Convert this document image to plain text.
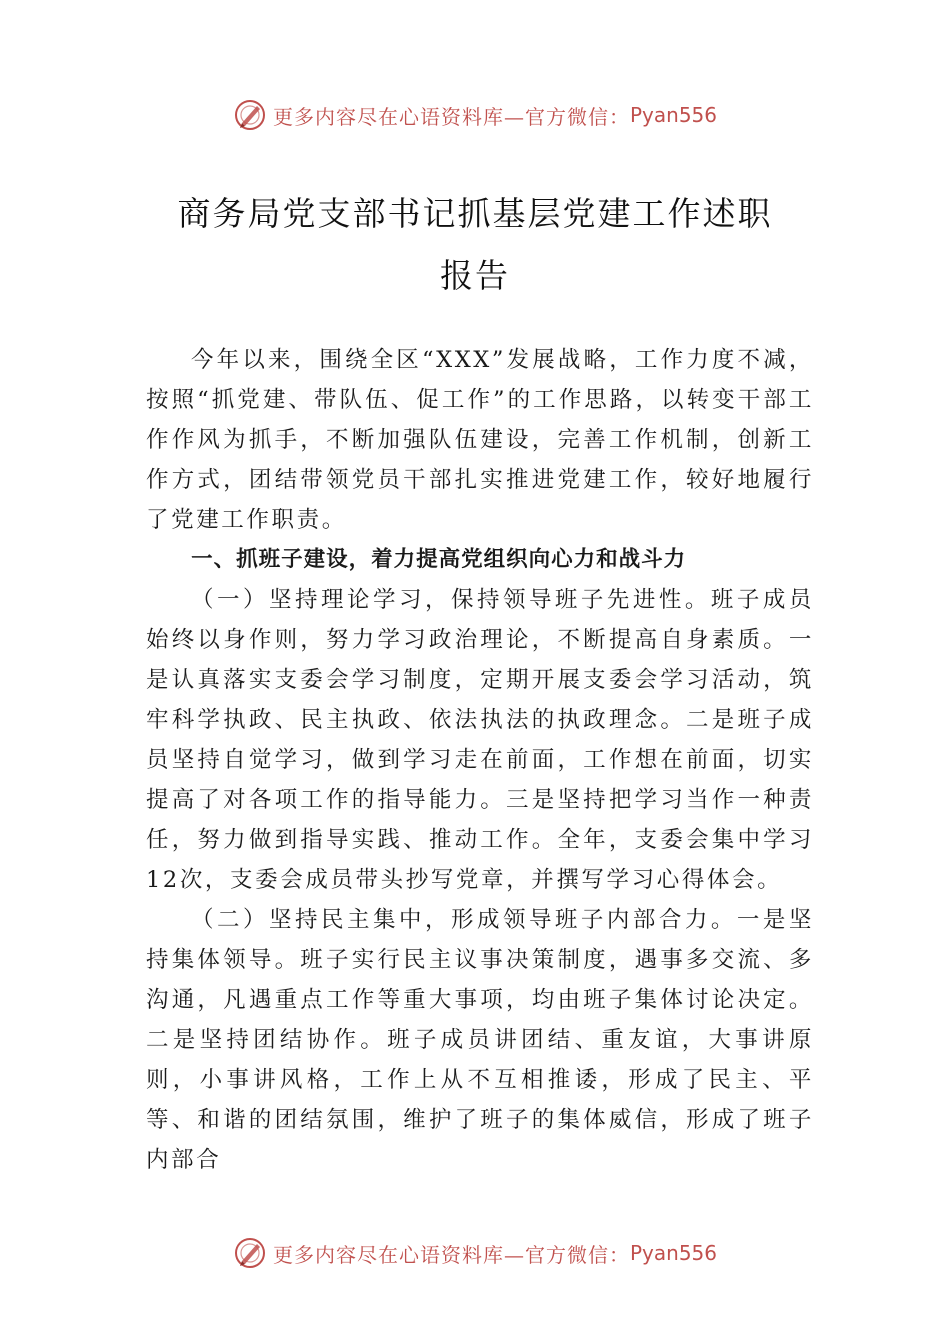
更多内容尽在心语资料库—官方微信： Pyan556
商务局党支部书记抓基层党建工作述职
报告

今年以来，围绕全区“XXX”发展战略，工作力度不减，按照“抓党建、带队伍、促工作”的工作思路，以转变干部工作作风为抓手，不断加强队伍建设，完善工作机制，创新工作方式，团结带领党员干部扎实推进党建工作，较好地履行了党建工作职责。

一、抓班子建设，着力提高党组织向心力和战斗力

（一）坚持理论学习，保持领导班子先进性。班子成员始终以身作则，努力学习政治理论，不断提高自身素质。一是认真落实支委会学习制度，定期开展支委会学习活动，筑牢科学执政、民主执政、依法执法的执政理念。二是班子成员坚持自觉学习，做到学习走在前面，工作想在前面，切实提高了对各项工作的指导能力。三是坚持把学习当作一种责任，努力做到指导实践、推动工作。全年，支委会集中学习12次，支委会成员带头抄写党章，并撰写学习心得体会。

（二）坚持民主集中，形成领导班子内部合力。一是坚持集体领导。班子实行民主议事决策制度，遇事多交流、多沟通，凡遇重点工作等重大事项，均由班子集体讨论决定。二是坚持团结协作。班子成员讲团结、重友谊，大事讲原则，小事讲风格，工作上从不互相推诿，形成了民主、平等、和谐的团结氛围，维护了班子的集体威信，形成了班子内部合

更多内容尽在心语资料库—官方微信： Pyan556
